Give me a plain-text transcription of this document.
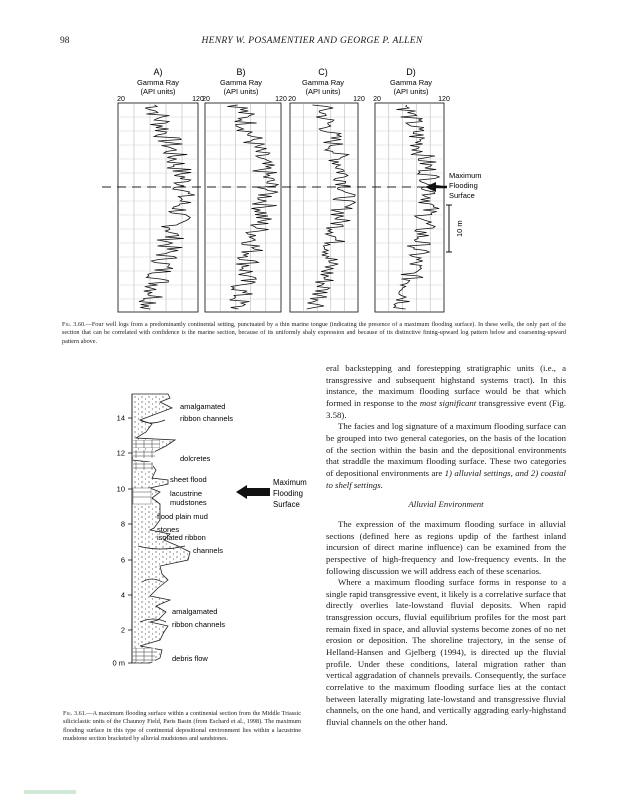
98	HENRY W. POSAMENTIER AND GEORGE P. ALLEN
A)
Gamma Ray
(API units)
20	120
B)
Gamma Ray
(API units)
20	120
C)
Gamma Ray
(API units)
20	120
D)
Gamma Ray
(API units)
20	120
Maximum
Flooding
Surface
10 m
Fig. 3.60.—Four well logs from a predominantly continental setting, punctuated by a thin marine tongue (indicating the presence of a maximum flooding surface). In these wells, the only part of the section that can be correlated with confidence is the marine section, because of its uniformly shaly expression and because of its distinctive fining-upward log pattern below and coarsening-upward pattern above.
14
12
10
8
6
4
2
0 m
amalgamated
ribbon channels
dolcretes
sheet flood
lacustrine
mudstones
flood plain mud
stones
isolated ribbon
channels
amalgamated
ribbon channels
debris flow
Maximum
Flooding
Surface
Fig. 3.61.—A maximum flooding surface within a continental section from the Middle Triassic siliciclastic units of the Chaunoy Field, Paris Basin (from Eschard et al., 1998). The maximum flooding surface in this type of continental depositional environment lies within a lacustrine mudstone section bracketed by alluvial mudstones and sandstones.

eral backstepping and forestepping stratigraphic units (i.e., a transgressive and subsequent highstand systems tract). In this instance, the maximum flooding surface would be that which formed in response to the most significant transgressive event (Fig. 3.58).

The facies and log signature of a maximum flooding surface can be grouped into two general categories, on the basis of the location of the section within the basin and the depositional environments that straddle the maximum flooding surface. These two categories of depositional environments are 1) alluvial settings, and 2) coastal to shelf settings.

Alluvial Environment

The expression of the maximum flooding surface in alluvial sections (defined here as regions updip of the farthest inland incursion of direct marine influence) can be examined from the perspective of high-frequency and low-frequency events. In the following discussion we will address each of these scenarios.

Where a maximum flooding surface forms in response to a single rapid transgressive event, it likely is a correlative surface that directly overlies late-lowstand fluvial deposits. When rapid transgression occurs, fluvial equilibrium profiles for the most part remain fixed in space, and alluvial systems become zones of no net erosion or deposition. The shoreline trajectory, in the sense of Helland-Hansen and Gjelberg (1994), is directed up the fluvial profile. Under these conditions, lateral migration rather than vertical aggradation of channels prevails. Consequently, the surface correlative to the maximum flooding surface lies at the contact between laterally migrating late-lowstand and transgressive fluvial channels, on the one hand, and vertically aggrading early-highstand fluvial channels on the other hand.
